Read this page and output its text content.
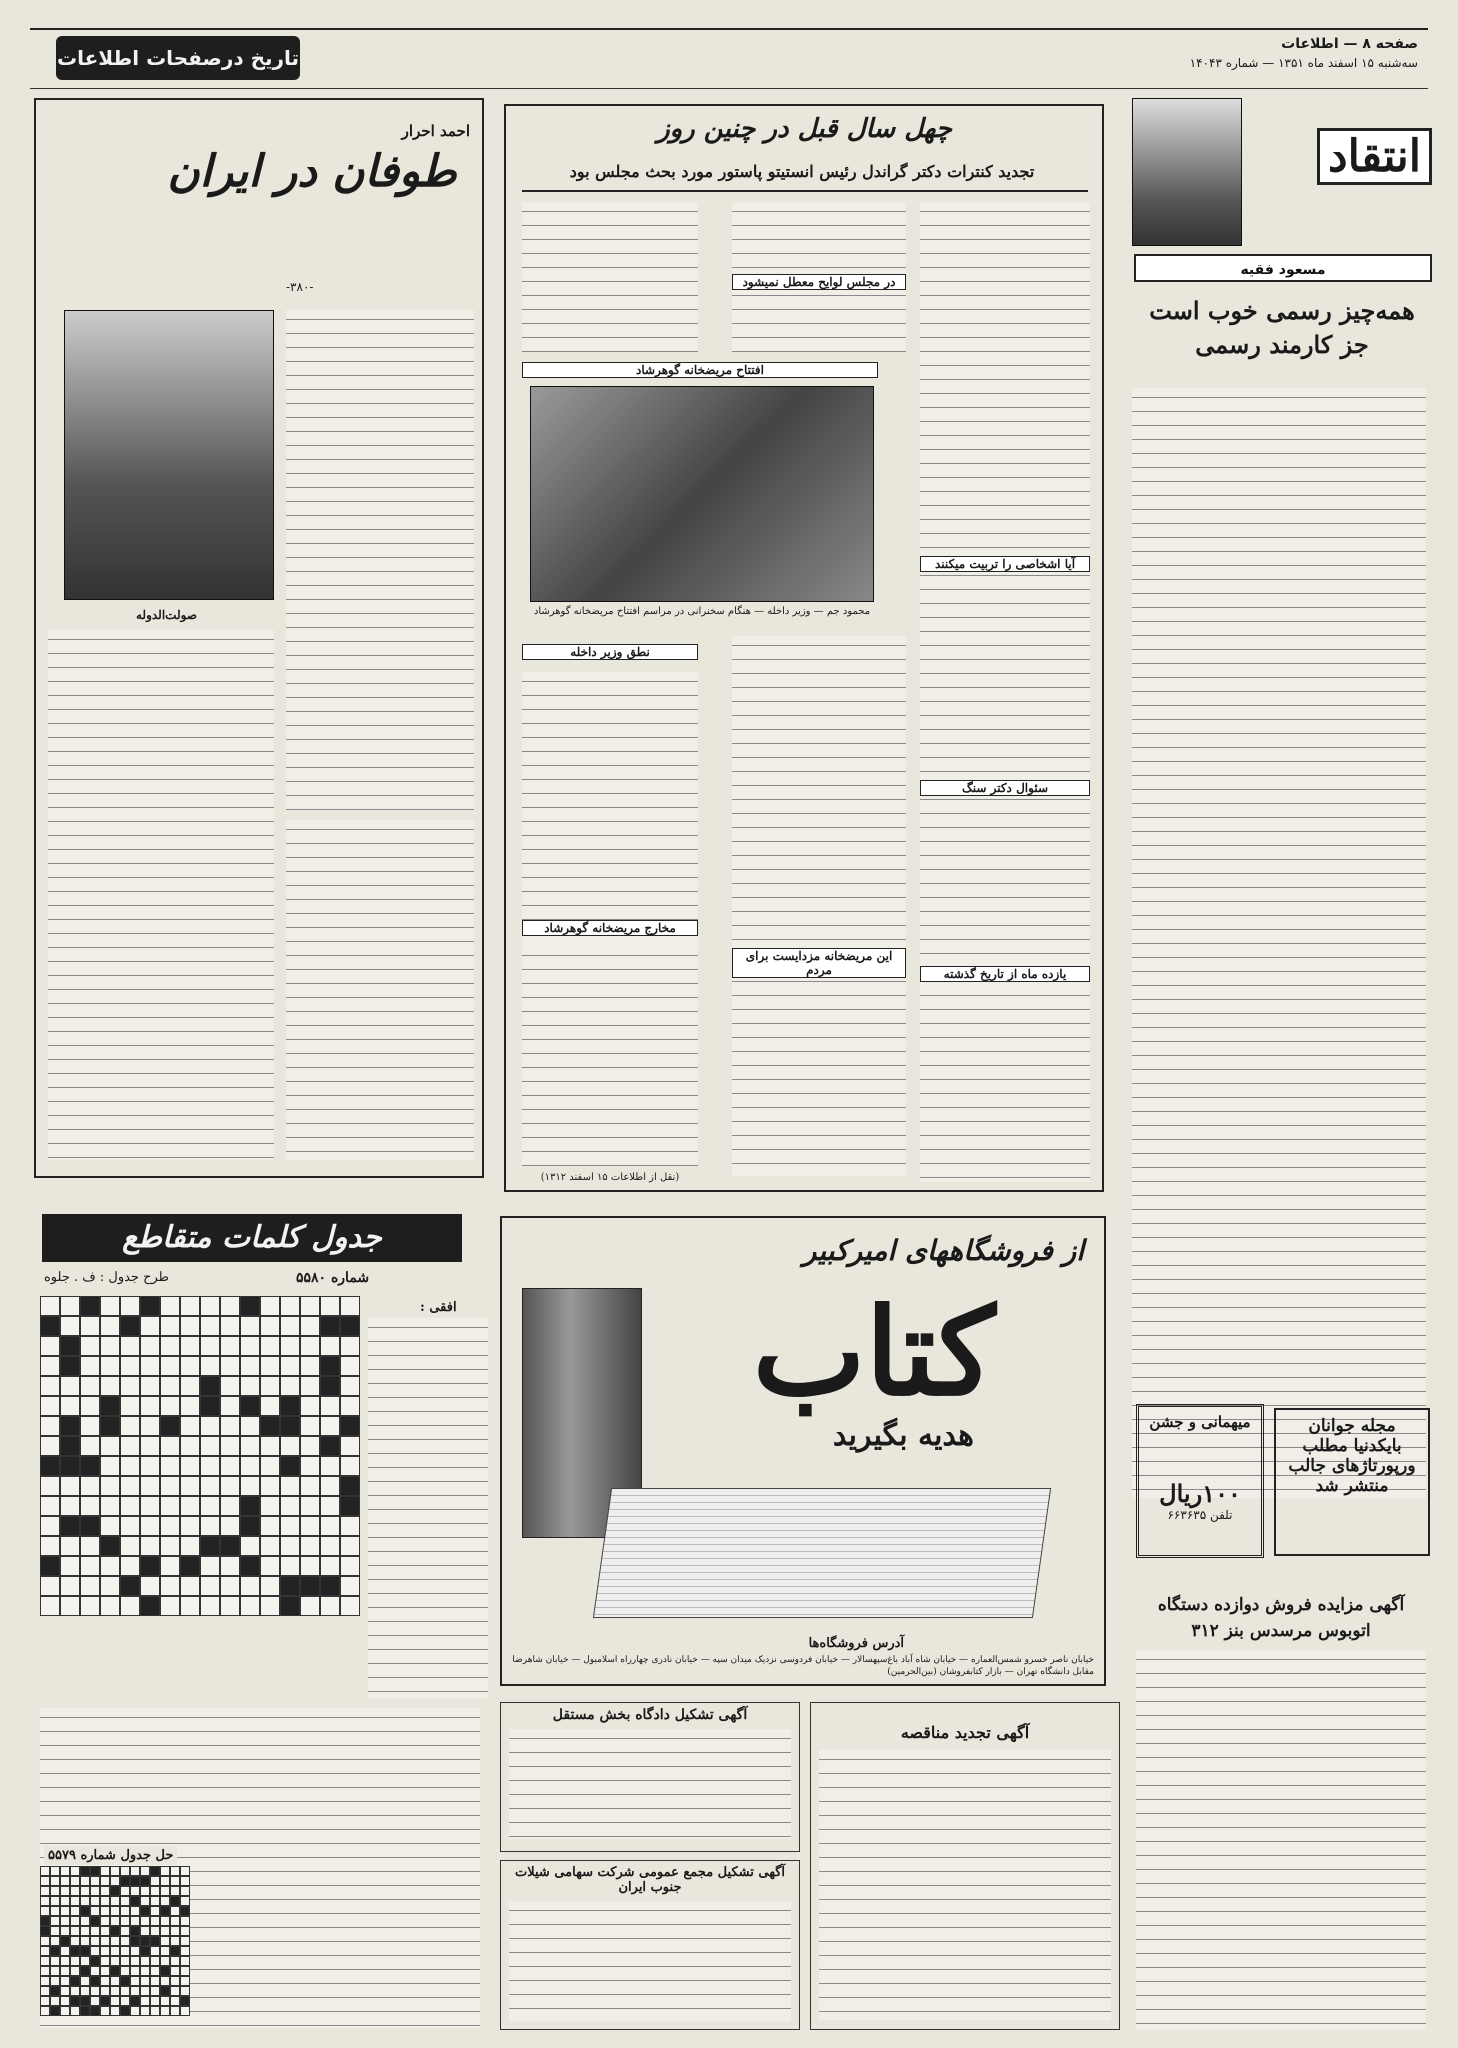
صفحه ۸ — اطلاعات
سه‌شنبه ۱۵ اسفند ماه ۱۳۵۱ — شماره ۱۴۰۴۳
تاریخ درصفحات اطلاعات
احمد احرار
طوفان در ایران
-۳۸۰-
صولت‌الدوله
چهل سال قبل در چنین روز
تجدید کنترات دکتر گراندل رئیس انستیتو پاستور مورد بحث مجلس بود
در مجلس لوایح معطل نمیشود
افتتاح مریضخانه گوهرشاد
محمود جم — وزیر داخله — هنگام سخنرانی در مراسم افتتاح مریضخانه گوهرشاد
آیا اشخاصی را تربیت میکنند
نطق وزیر داخله
سئوال دکتر سنگ
این مریضخانه مزدایست برای مردم	یازده ماه از تاریخ گذشته
مخارج مریضخانه گوهرشاد
(نقل از اطلاعات ۱۵ اسفند ۱۳۱۲)
انتقاد
مسعود فقیه
همه‌چیز رسمی خوب است جز کارمند رسمی
جدول کلمات متقاطع
طرح جدول : ف . جلوه	شماره ۵۵۸۰
افقی :
حل جدول شماره ۵۵۷۹
از فروشگاههای امیرکبیر
کتاب
هدیه بگیرید
آدرس فروشگاه‌ها
خیابان ناصر خسرو شمس‌العماره — خیابان شاه آباد باغ‌سپهسالار — خیابان فردوسی نزدیک میدان سپه — خیابان نادری چهارراه اسلامبول — خیابان شاهرضا مقابل دانشگاه تهران — بازار کتابفروشان (بین‌الحرمین)
مجله جوانان
بایکدنیا مطلب
ورپورتاژهای جالب
منتشر شد
میهمانی و جشن
۱۰۰ریال
تلفن ۶۶۳۶۳۵
آگهی مزایده فروش دوازده دستگاه اتوبوس مرسدس بنز ۳۱۲
آگهی تشکیل دادگاه بخش مستقل
آگهی تشکیل مجمع عمومی شرکت سهامی شیلات جنوب ایران
آگهی تجدید مناقصه
